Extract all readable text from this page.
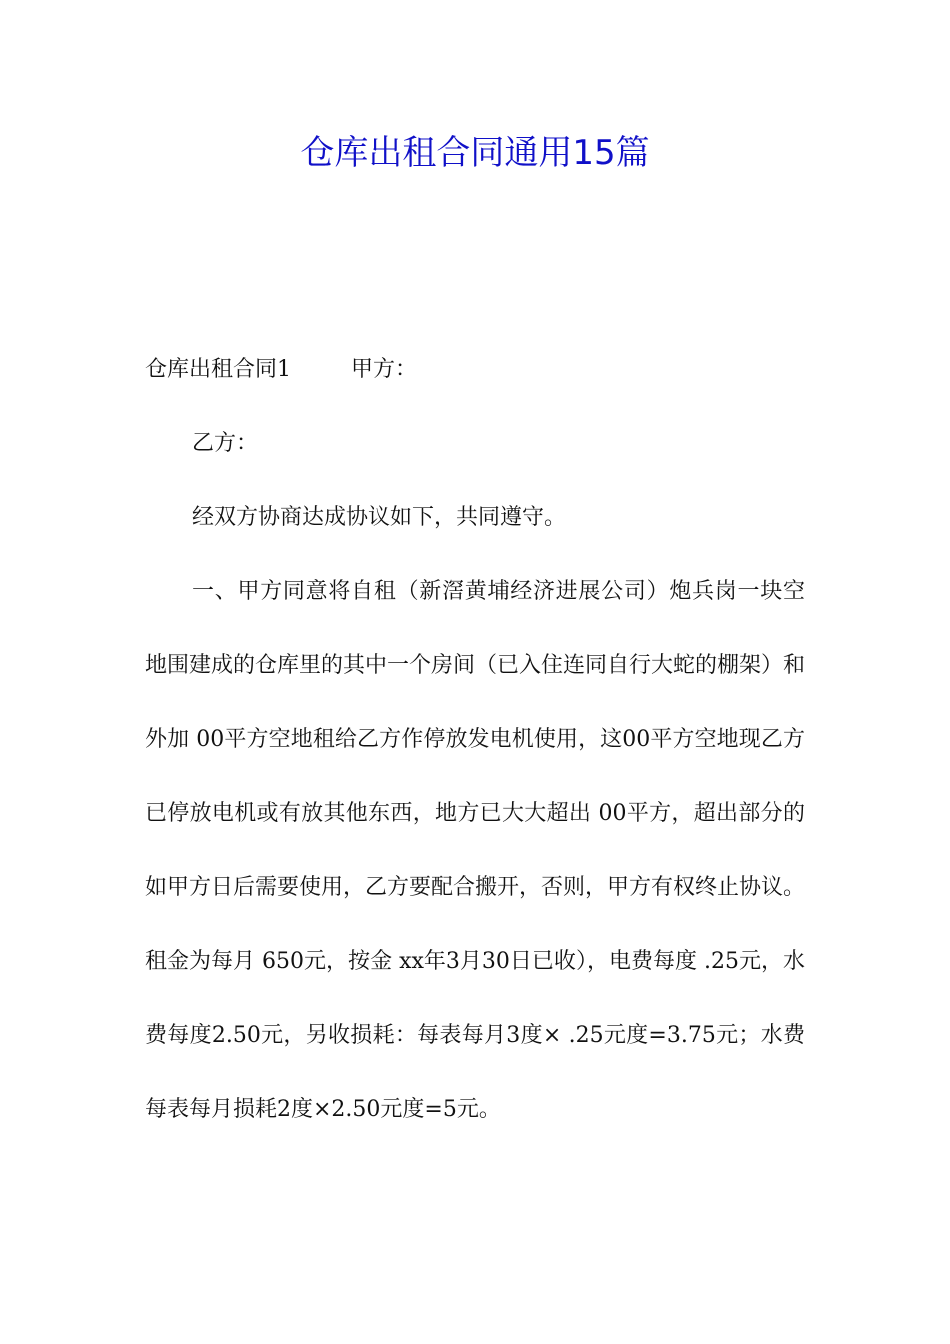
仓库出租合同通用15篇

仓库出租合同1	甲方：

乙方：

经双方协商达成协议如下，共同遵守。

一、甲方同意将自租（新滘黄埔经济进展公司）炮兵岗一块空地围建成的仓库里的其中一个房间（已入住连同自行大蛇的棚架）和外加 00平方空地租给乙方作停放发电机使用，这00平方空地现乙方已停放电机或有放其他东西，地方已大大超出 00平方，超出部分的如甲方日后需要使用，乙方要配合搬开，否则，甲方有权终止协议。租金为每月 650元，按金 xx年3月30日已收），电费每度 .25元，水费每度2.50元，另收损耗：每表每月3度× .25元度=3.75元；水费每表每月损耗2度×2.50元度=5元。
